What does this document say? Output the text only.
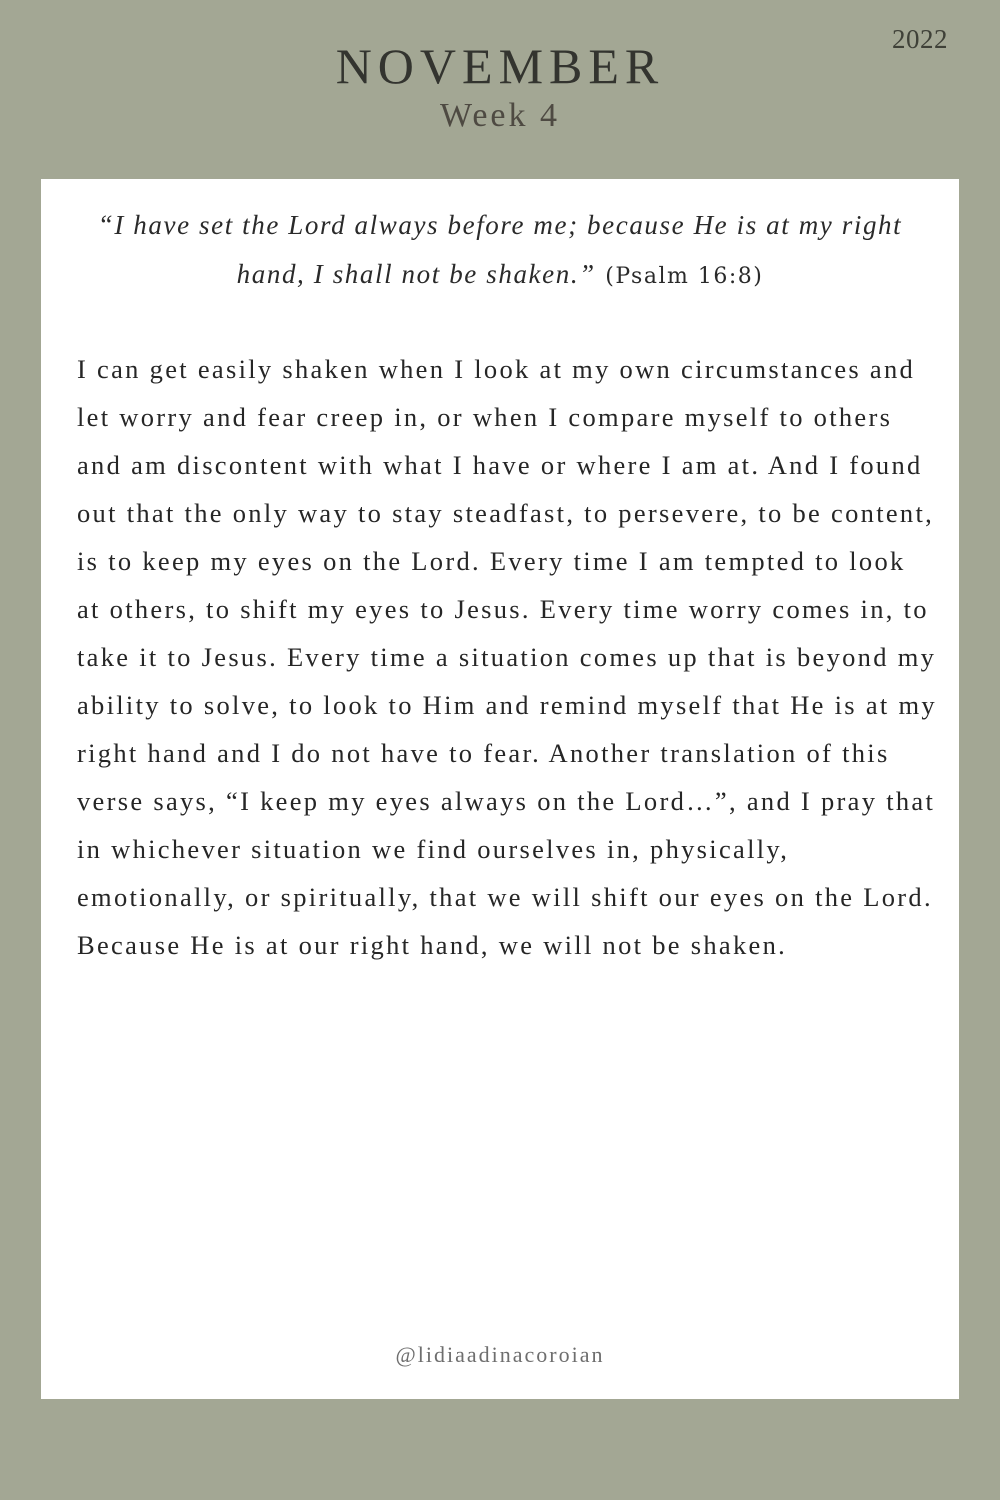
2022
NOVEMBER
Week 4
“I have set the Lord always before me; because He is at my right hand, I shall not be shaken.” (Psalm 16:8)
I can get easily shaken when I look at my own circumstances and let worry and fear creep in, or when I compare myself to others and am discontent with what I have or where I am at. And I found out that the only way to stay steadfast, to persevere, to be content, is to keep my eyes on the Lord. Every time I am tempted to look at others, to shift my eyes to Jesus. Every time worry comes in, to take it to Jesus. Every time a situation comes up that is beyond my ability to solve, to look to Him and remind myself that He is at my right hand and I do not have to fear. Another translation of this verse says, “I keep my eyes always on the Lord…”, and I pray that in whichever situation we find ourselves in, physically, emotionally, or spiritually, that we will shift our eyes on the Lord. Because He is at our right hand, we will not be shaken.
@lidiaadinacoroian
